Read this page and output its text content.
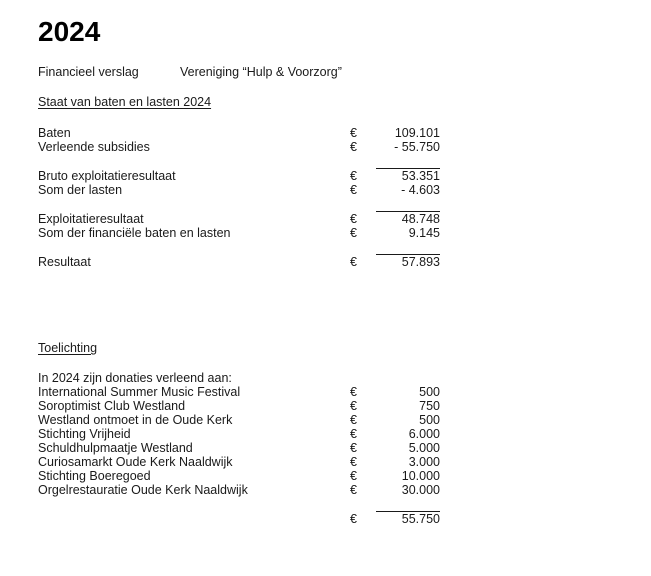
2024
Financieel verslag	Vereniging “Hulp & Voorzorg”
Staat van baten en lasten 2024
Baten	€	109.101
Verleende subsidies	€	- 55.750

Bruto exploitatieresultaat	€	53.351
Som der lasten	€	- 4.603

Exploitatieresultaat	€	48.748
Som der financiële baten en lasten	€	9.145

Resultaat	€	57.893
Toelichting
In 2024 zijn donaties verleend aan:		
International Summer Music Festival	€	500
Soroptimist Club Westland	€	750
Westland ontmoet in de Oude Kerk	€	500
Stichting Vrijheid	€	6.000
Schuldhulpmaatje Westland	€	5.000
Curiosamarkt Oude Kerk Naaldwijk	€	3.000
Stichting Boeregoed	€	10.000
Orgelrestauratie Oude Kerk Naaldwijk	€	30.000

	€	55.750
